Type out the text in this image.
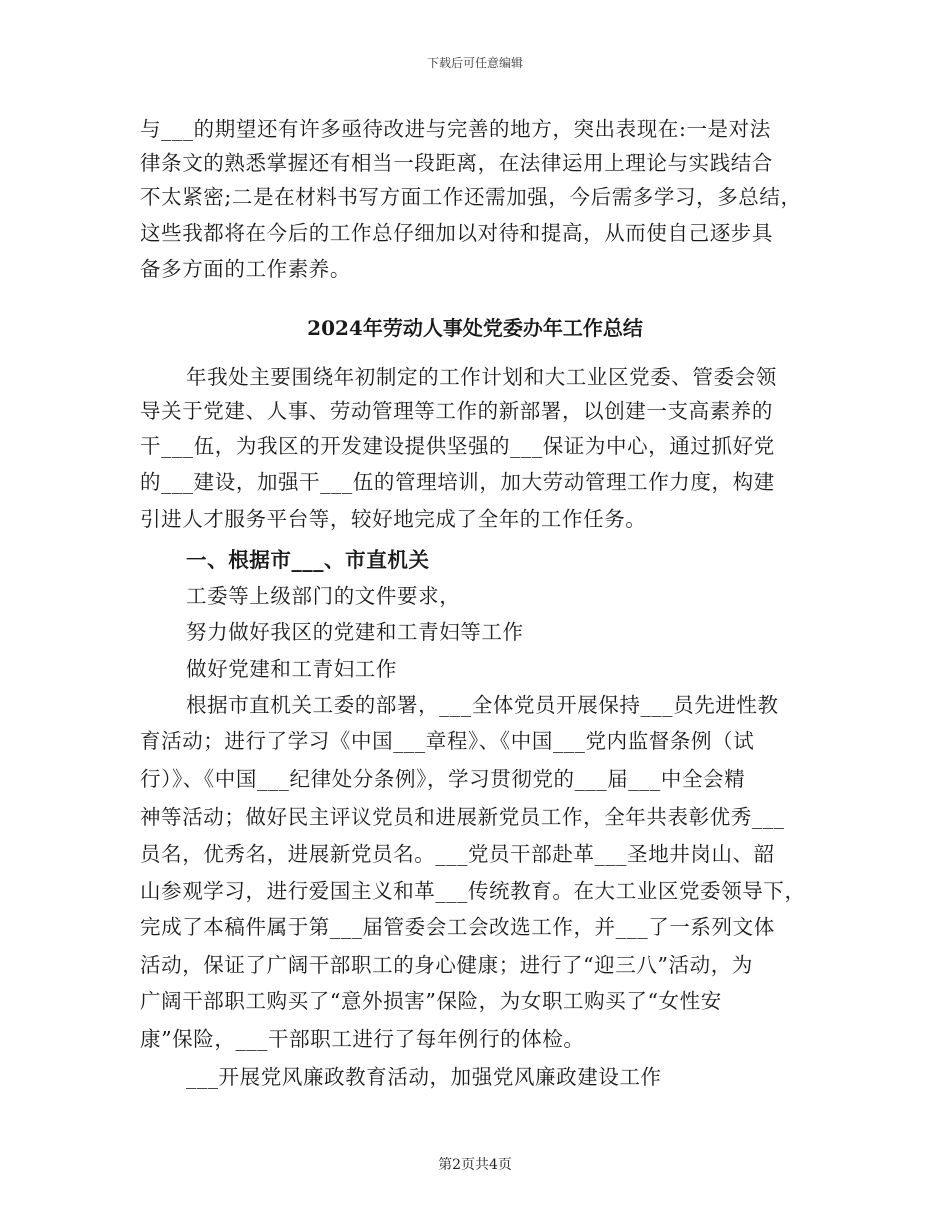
下载后可任意编辑
与___的期望还有许多亟待改进与完善的地方，突出表现在:一是对法
律条文的熟悉掌握还有相当一段距离，在法律运用上理论与实践结合
不太紧密;二是在材料书写方面工作还需加强，今后需多学习，多总结，
这些我都将在今后的工作总仔细加以对待和提高，从而使自己逐步具
备多方面的工作素养。
2024年劳动人事处党委办年工作总结
年我处主要围绕年初制定的工作计划和大工业区党委、管委会领
导关于党建、人事、劳动管理等工作的新部署，以创建一支高素养的
干___伍，为我区的开发建设提供坚强的___保证为中心，通过抓好党
的___建设，加强干___伍的管理培训，加大劳动管理工作力度，构建
引进人才服务平台等，较好地完成了全年的工作任务。
一、根据市___、市直机关
工委等上级部门的文件要求，
努力做好我区的党建和工青妇等工作
做好党建和工青妇工作
根据市直机关工委的部署，___全体党员开展保持___员先进性教
育活动；进行了学习《中国___章程》、《中国___党内监督条例（试
行）》、《中国___纪律处分条例》，学习贯彻党的___届___中全会精
神等活动；做好民主评议党员和进展新党员工作，全年共表彰优秀___
员名，优秀名，进展新党员名。___党员干部赴革___圣地井岗山、韶
山参观学习，进行爱国主义和革___传统教育。在大工业区党委领导下，
完成了本稿件属于第___届管委会工会改选工作，并___了一系列文体
活动，保证了广阔干部职工的身心健康；进行了“迎三八”活动，为
广阔干部职工购买了“意外损害”保险，为女职工购买了“女性安
康”保险，___干部职工进行了每年例行的体检。
___开展党风廉政教育活动，加强党风廉政建设工作
第2页共4页
